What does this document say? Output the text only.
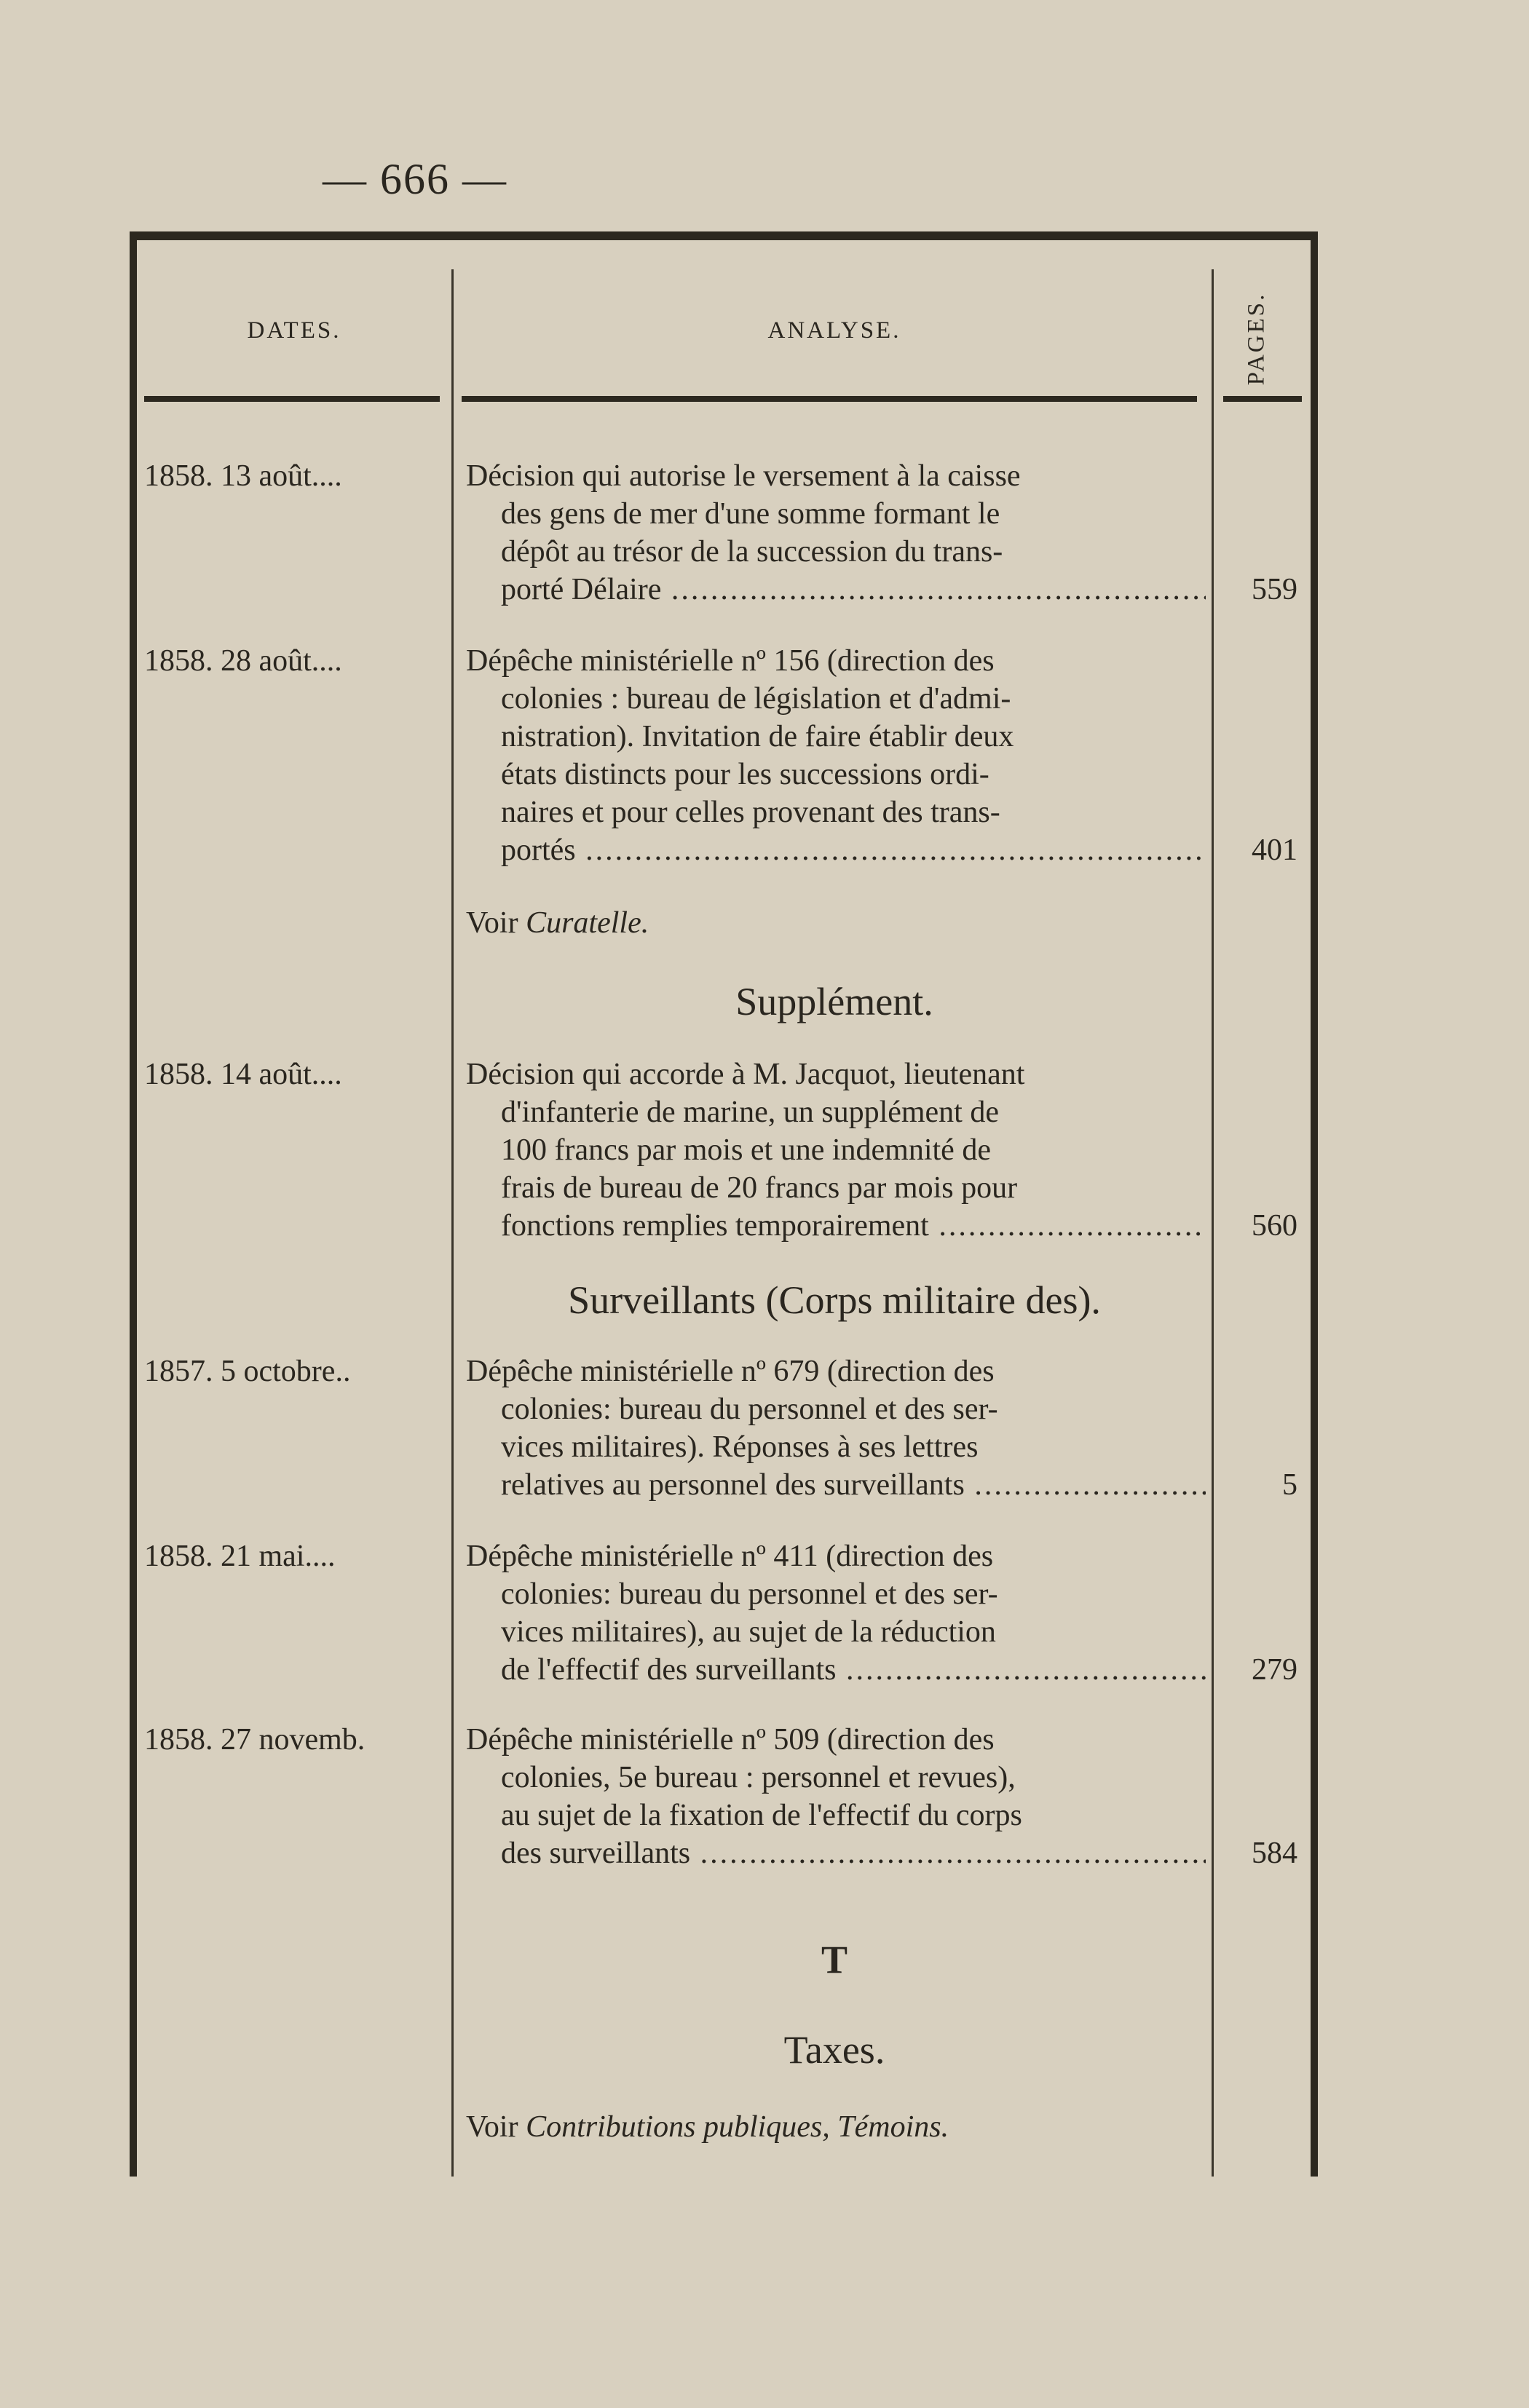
— 666 —
DATES.	ANALYSE.	PAGES.
1858. 13 août....	Décision qui autorise le versement à la caisse
des gens de mer d'une somme formant le
dépôt au trésor de la succession du trans-
porté Délaire .....	559
1858. 28 août....	Dépêche ministérielle nº 156 (direction des
colonies : bureau de législation et d'admi-
nistration). Invitation de faire établir deux
états distincts pour les successions ordi-
naires et pour celles provenant des trans-
portés .....	401
Voir Curatelle.
Supplément.
1858. 14 août....	Décision qui accorde à M. Jacquot, lieutenant
d'infanterie de marine, un supplément de
100 francs par mois et une indemnité de
frais de bureau de 20 francs par mois pour
fonctions remplies temporairement .....	560
Surveillants (Corps militaire des).
1857. 5 octobre..	Dépêche ministérielle nº 679 (direction des
colonies: bureau du personnel et des ser-
vices militaires). Réponses à ses lettres
relatives au personnel des surveillants .....	5
1858. 21 mai....	Dépêche ministérielle nº 411 (direction des
colonies: bureau du personnel et des ser-
vices militaires), au sujet de la réduction
de l'effectif des surveillants .....	279
1858. 27 novemb.	Dépêche ministérielle nº 509 (direction des
colonies, 5e bureau : personnel et revues),
au sujet de la fixation de l'effectif du corps
des surveillants .....	584
T
Taxes.
Voir Contributions publiques, Témoins.
